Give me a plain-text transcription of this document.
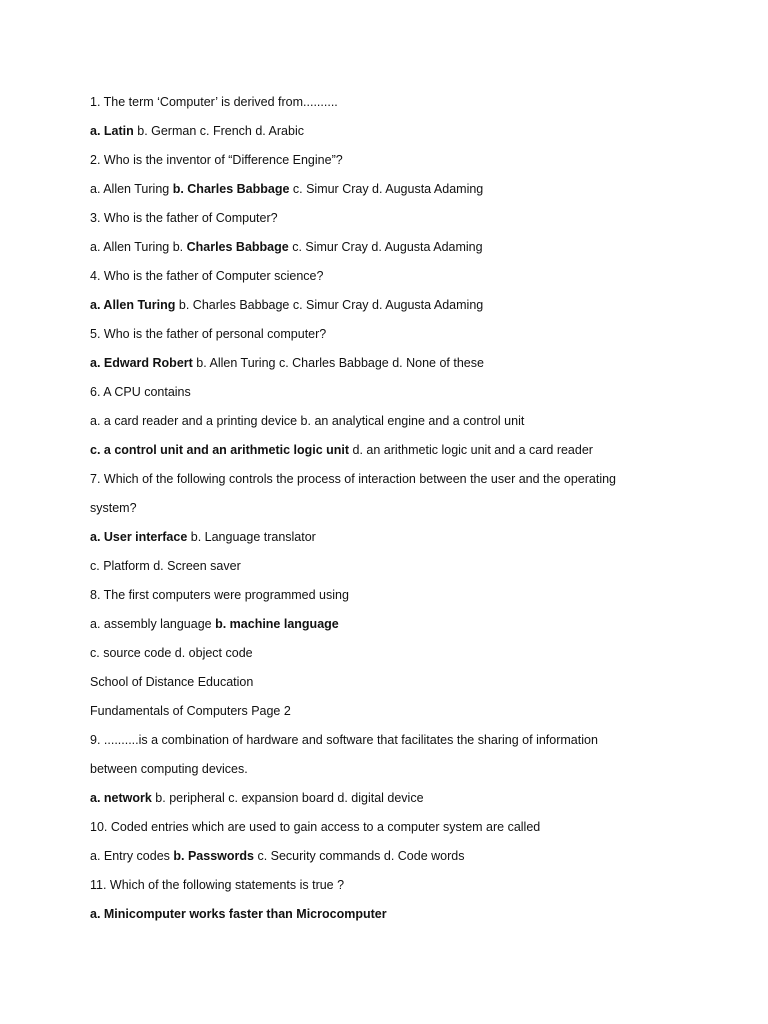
1. The term ‘Computer’ is derived from..........
a. Latin b. German c. French d. Arabic
2. Who is the inventor of “Difference Engine”?
a. Allen Turing b. Charles Babbage c. Simur Cray d. Augusta Adaming
3. Who is the father of Computer?
a. Allen Turing b. Charles Babbage c. Simur Cray d. Augusta Adaming
4. Who is the father of Computer science?
a. Allen Turing b. Charles Babbage c. Simur Cray d. Augusta Adaming
5. Who is the father of personal computer?
a. Edward Robert b. Allen Turing c. Charles Babbage d. None of these
6. A CPU contains
a. a card reader and a printing device b. an analytical engine and a control unit
c. a control unit and an arithmetic logic unit d. an arithmetic logic unit and a card reader
7. Which of the following controls the process of interaction between the user and the operating
system?
a. User interface b. Language translator
c. Platform d. Screen saver
8. The first computers were programmed using
a. assembly language b. machine language
c. source code d. object code
School of Distance Education
Fundamentals of Computers Page 2
9. ..........is a combination of hardware and software that facilitates the sharing of information
between computing devices.
a. network b. peripheral c. expansion board d. digital device
10. Coded entries which are used to gain access to a computer system are called
a. Entry codes b. Passwords c. Security commands d. Code words
11. Which of the following statements is true ?
a. Minicomputer works faster than Microcomputer
